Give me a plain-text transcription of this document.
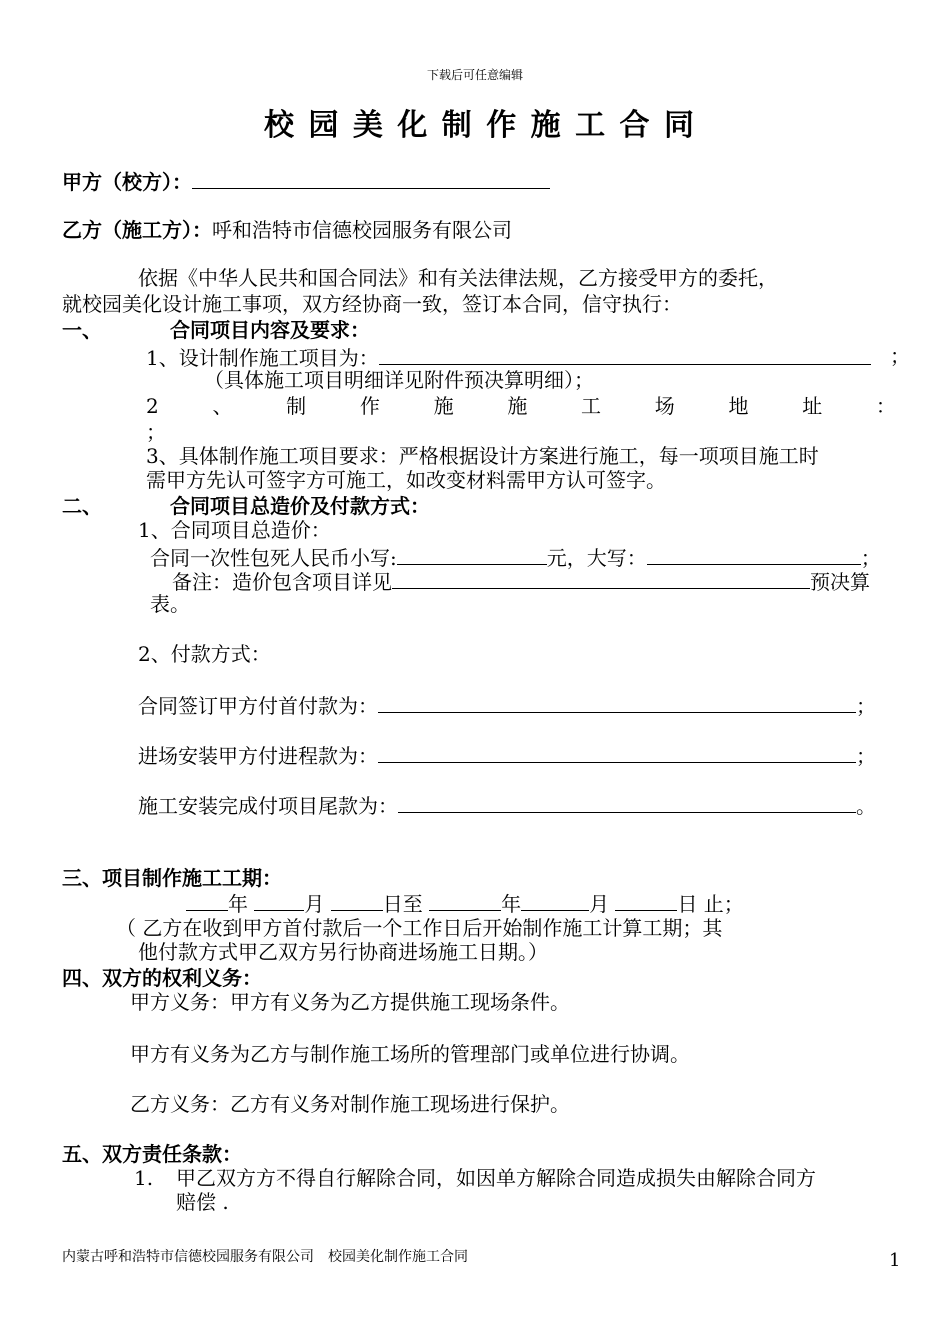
下载后可任意编辑
校 园 美 化 制 作 施 工 合 同
甲方（校方）：
乙方（施工方）：呼和浩特市信德校园服务有限公司
依据《中华人民共和国合同法》和有关法律法规，乙方接受甲方的委托，
就校园美化设计施工事项，双方经协商一致，签订本合同，信守执行：
一、	合同项目内容及要求：
1、设计制作施工项目为：	；
（具体施工项目明细详见附件预决算明细）；
2	、	制	作	施	施	工	场	地	址	：
；
3、具体制作施工项目要求：严格根据设计方案进行施工，每一项项目施工时
需甲方先认可签字方可施工，如改变材料需甲方认可签字。
二、	合同项目总造价及付款方式：
1、合同项目总造价：
合同一次性包死人民币小写:	元，大写：	；
备注：造价包含项目详见	预决算
表。
2、付款方式：
合同签订甲方付首付款为：	；
进场安装甲方付进程款为：	；
施工安装完成付项目尾款为：	。
三、项目制作施工工期：
年	月	日至	年	月	日 止；
（ 乙方在收到甲方首付款后一个工作日后开始制作施工计算工期；其
他付款方式甲乙双方另行协商进场施工日期。）
四、双方的权利义务：
甲方义务：甲方有义务为乙方提供施工现场条件。
甲方有义务为乙方与制作施工场所的管理部门或单位进行协调。
乙方义务：乙方有义务对制作施工现场进行保护。
五、双方责任条款：
1. 甲乙双方方不得自行解除合同，如因单方解除合同造成损失由解除合同方
赔偿 .
内蒙古呼和浩特市信德校园服务有限公司　校园美化制作施工合同	1
